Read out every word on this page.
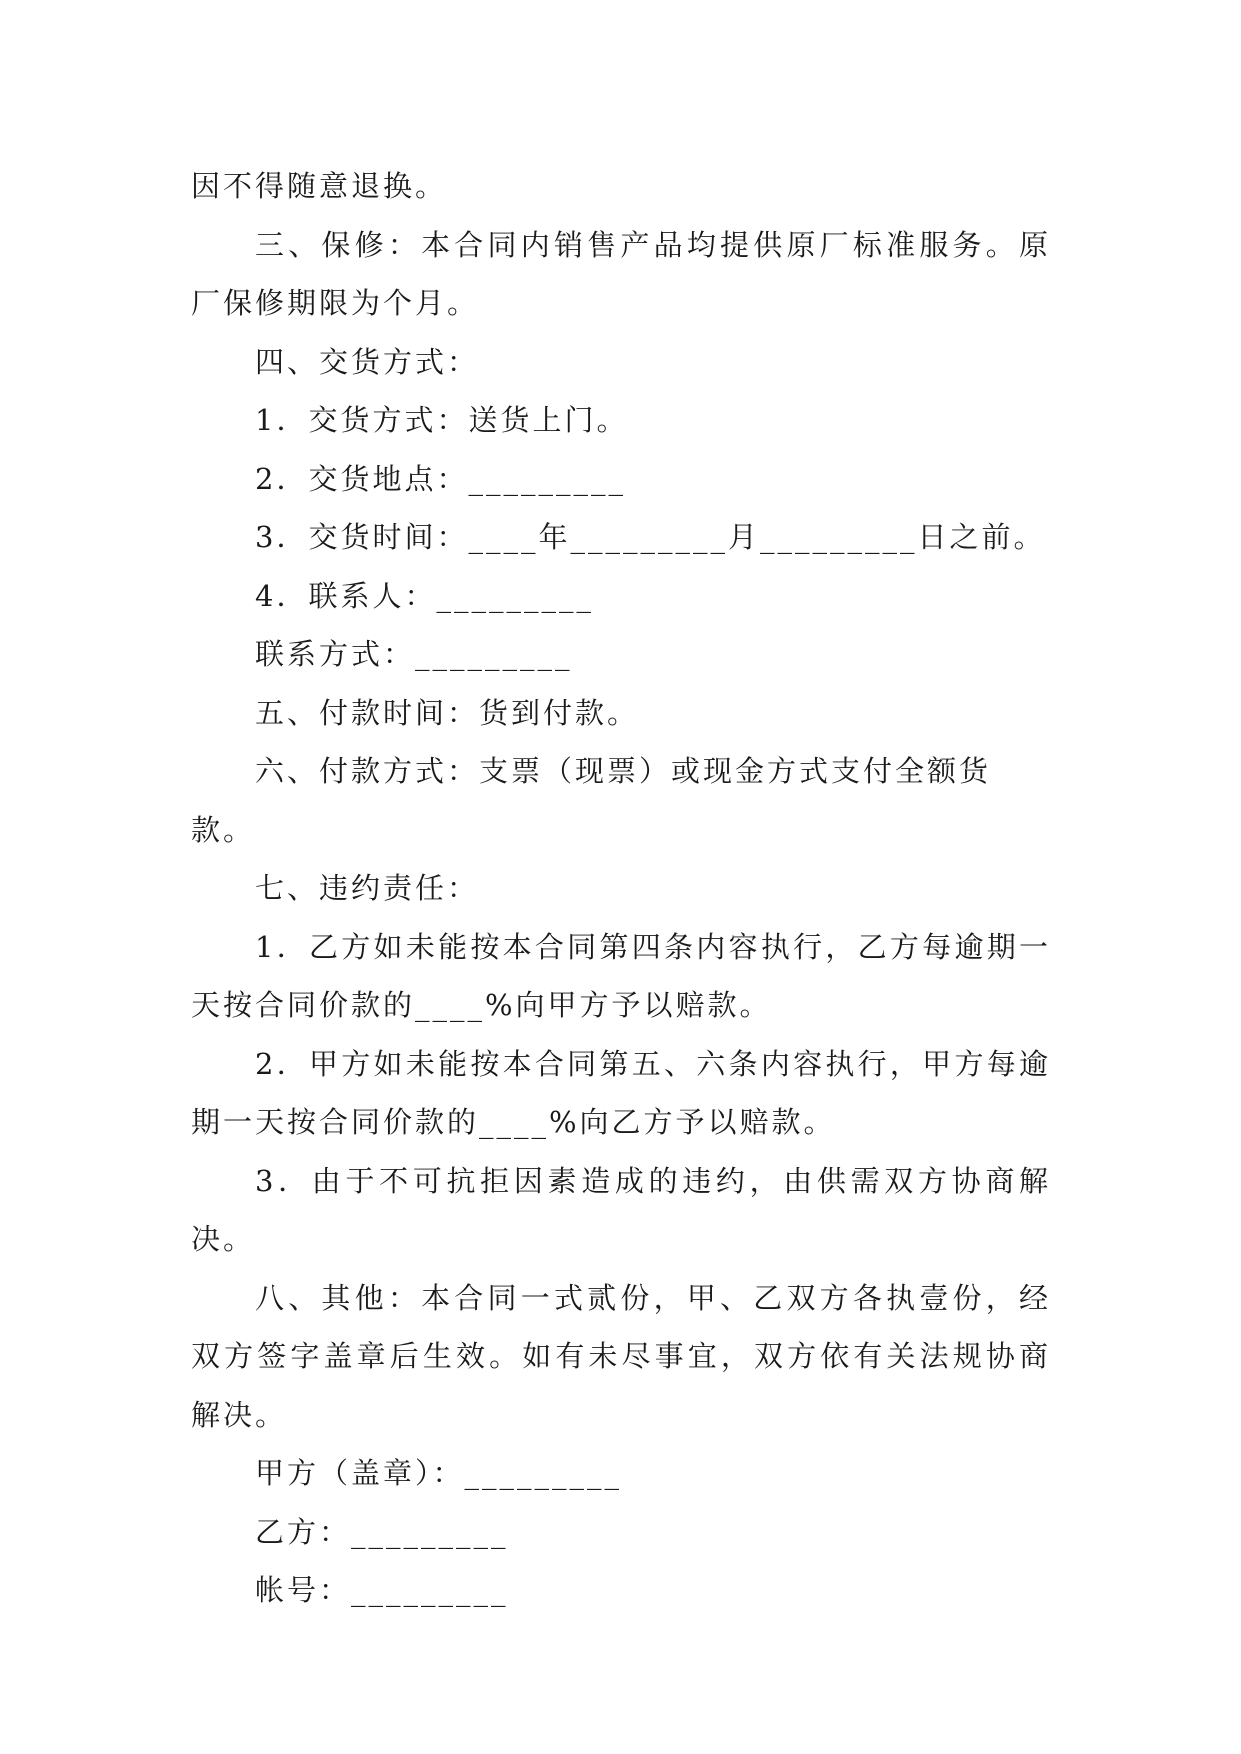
因不得随意退换。

三、保修：本合同内销售产品均提供原厂标准服务。原厂保修期限为个月。

四、交货方式：

1．交货方式：送货上门。

2．交货地点：_________

3．交货时间：____年_________月_________日之前。

4．联系人：_________

联系方式：_________

五、付款时间：货到付款。

六、付款方式：支票（现票）或现金方式支付全额货款。

七、违约责任：

1．乙方如未能按本合同第四条内容执行，乙方每逾期一天按合同价款的____%向甲方予以赔款。

2．甲方如未能按本合同第五、六条内容执行，甲方每逾期一天按合同价款的____%向乙方予以赔款。

3．由于不可抗拒因素造成的违约，由供需双方协商解决。

八、其他：本合同一式贰份，甲、乙双方各执壹份，经双方签字盖章后生效。如有未尽事宜，双方依有关法规协商解决。

甲方（盖章）：_________

乙方：_________

帐号：_________
